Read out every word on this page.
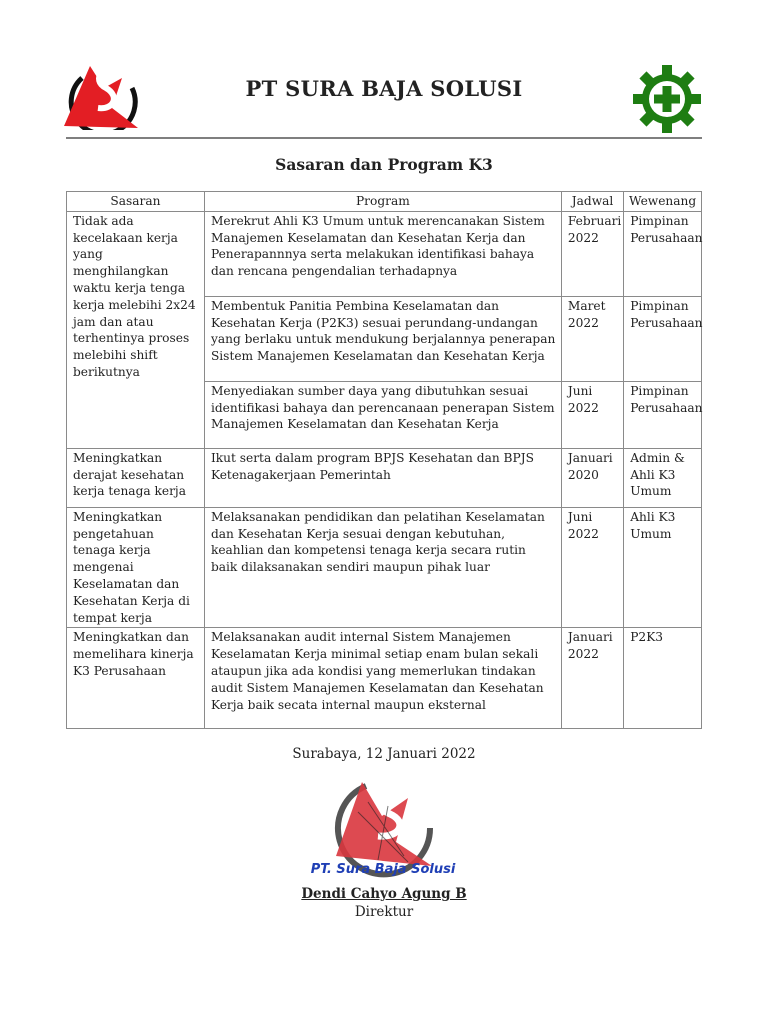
PT SURA BAJA SOLUSI
Sasaran dan Program K3
Sasaran	Program	Jadwal	Wewenang
Tidak ada kecelakaan kerja yang menghilangkan waktu kerja tenga kerja melebihi 2x24 jam dan atau terhentinya proses melebihi shift berikutnya	Merekrut Ahli K3 Umum untuk merencanakan Sistem Manajemen Keselamatan dan Kesehatan Kerja dan Penerapannnya serta melakukan identifikasi bahaya dan rencana pengendalian terhadapnya	Februari 2022	Pimpinan Perusahaan
	Membentuk Panitia Pembina Keselamatan dan Kesehatan Kerja (P2K3) sesuai perundang-undangan yang berlaku untuk mendukung berjalannya penerapan Sistem Manajemen Keselamatan dan Kesehatan Kerja	Maret 2022	Pimpinan Perusahaan
	Menyediakan sumber daya yang dibutuhkan sesuai identifikasi bahaya dan perencanaan penerapan Sistem Manajemen Keselamatan dan Kesehatan Kerja	Juni 2022	Pimpinan Perusahaan
Meningkatkan derajat kesehatan kerja tenaga kerja	Ikut serta dalam program BPJS Kesehatan dan BPJS Ketenagakerjaan Pemerintah	Januari 2020	Admin & Ahli K3 Umum
Meningkatkan pengetahuan tenaga kerja mengenai Keselamatan dan Kesehatan Kerja di tempat kerja	Melaksanakan pendidikan dan pelatihan Keselamatan dan Kesehatan Kerja sesuai dengan kebutuhan, keahlian dan kompetensi tenaga kerja secara rutin baik dilaksanakan sendiri maupun pihak luar	Juni 2022	Ahli K3 Umum
Meningkatkan dan memelihara kinerja K3 Perusahaan	Melaksanakan audit internal Sistem Manajemen Keselamatan Kerja minimal setiap enam bulan sekali ataupun jika ada kondisi yang memerlukan tindakan audit Sistem Manajemen Keselamatan dan Kesehatan Kerja baik secata internal maupun eksternal	Januari 2022	P2K3
Surabaya, 12 Januari 2022
PT. Sura Baja Solusi
Dendi Cahyo Agung B
Direktur
